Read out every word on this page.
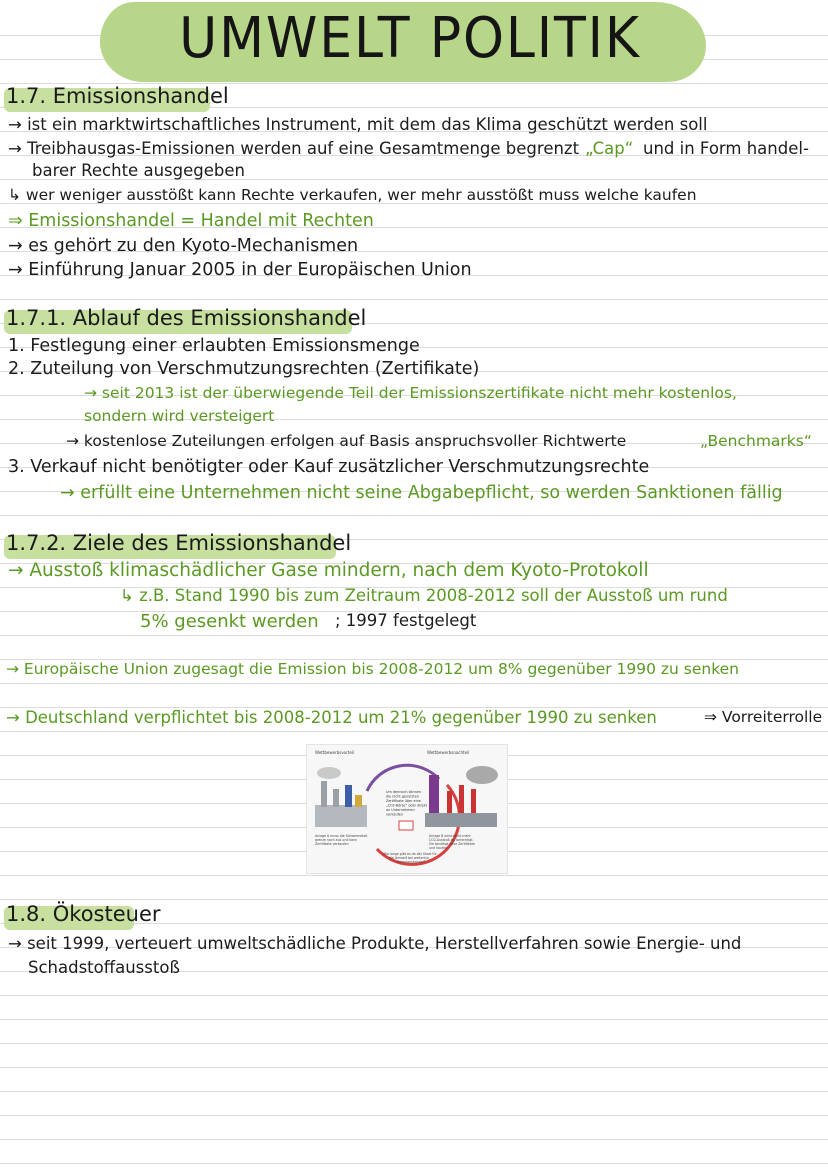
UMWELT POLITIK
1.7. Emissionshandel
→ ist ein marktwirtschaftliches Instrument, mit dem das Klima geschützt werden soll
→ Treibhausgas-Emissionen werden auf eine Gesamtmenge begrenzt „Cap“ und in Form handel-
barer Rechte ausgegeben
↳ wer weniger ausstößt kann Rechte verkaufen, wer mehr ausstößt muss welche kaufen
⇒ Emissionshandel = Handel mit Rechten
→ es gehört zu den Kyoto-Mechanismen
→ Einführung Januar 2005 in der Europäischen Union
1.7.1. Ablauf des Emissionshandel
1. Festlegung einer erlaubten Emissionsmenge
2. Zuteilung von Verschmutzungsrechten (Zertifikate)
→ seit 2013 ist der überwiegende Teil der Emissionszertifikate nicht mehr kostenlos,
sondern wird versteigert
→ kostenlose Zuteilungen erfolgen auf Basis anspruchsvoller Richtwerte	„Benchmarks“
3. Verkauf nicht benötigter oder Kauf zusätzlicher Verschmutzungsrechte
→ erfüllt eine Unternehmen nicht seine Abgabepflicht, so werden Sanktionen fällig
1.7.2. Ziele des Emissionshandel
→ Ausstoß klimaschädlicher Gase mindern, nach dem Kyoto-Protokoll
↳ z.B. Stand 1990 bis zum Zeitraum 2008-2012 soll der Ausstoß um rund
5% gesenkt werden ; 1997 festgelegt
→ Europäische Union zugesagt die Emission bis 2008-2012 um 8% gegenüber 1990 zu senken
→ Deutschland verpflichtet bis 2008-2012 um 21% gegenüber 1990 zu senken	⇒ Vorreiterrolle
Wettbewerbsvorteil	Wettbewerbsnachteil
Um dennoch können die nicht genutzten Zertifikate über eine „CO2-Börse“ oder direkt an Unternehmen verkaufen
Anlage A muss die Schwermetall- grenze noch aus und kann Zertifikate verkaufen
Anlage B verursacht mehr CO2-Ausstoß als berechtigt. Sie benötigt neue Zertifikate und kaufen
Wie lange gibt es da der Staat für die Umwelt bei weiterhin Emissionshandel?
1.8. Ökosteuer
→ seit 1999, verteuert umweltschädliche Produkte, Herstellverfahren sowie Energie- und
Schadstoffausstoß
